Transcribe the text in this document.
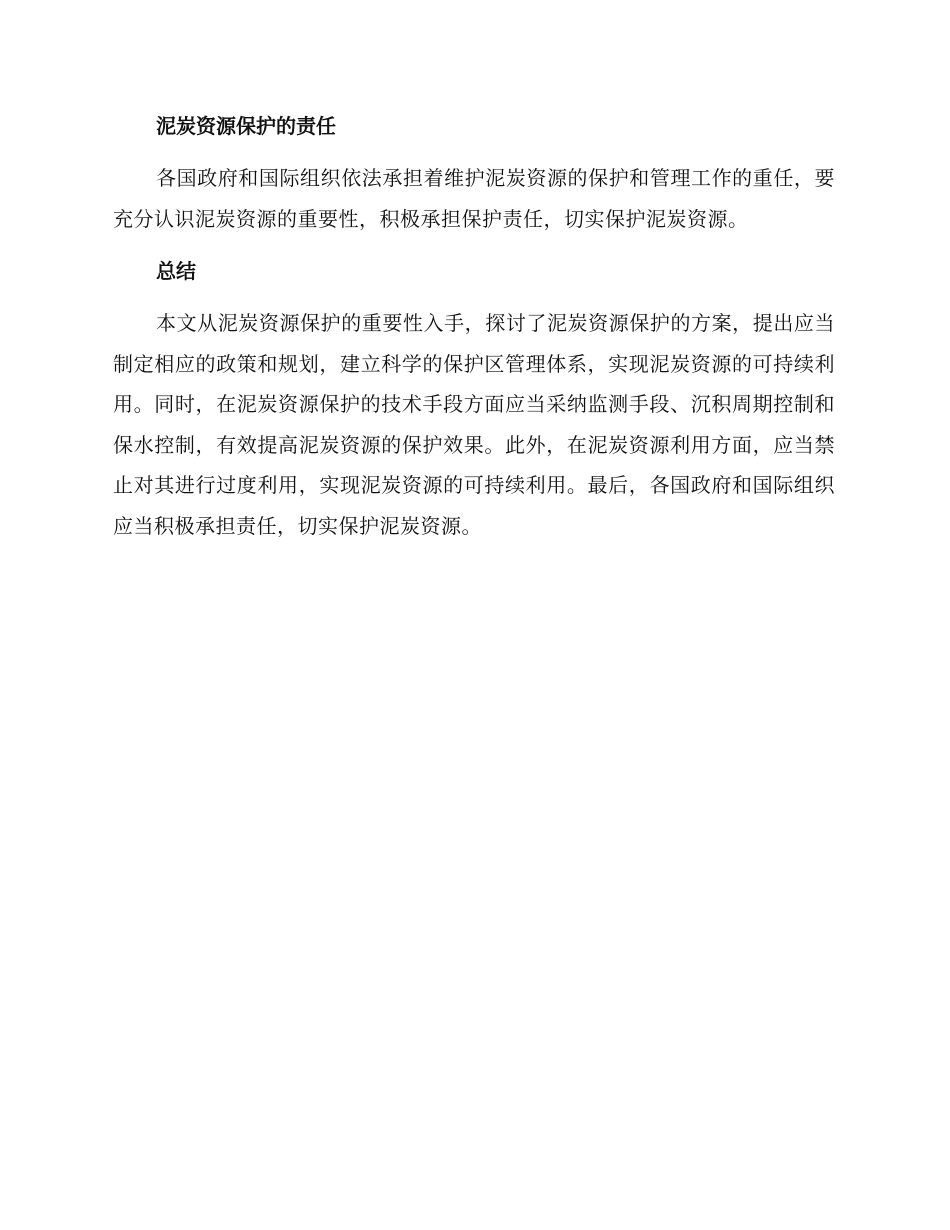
泥炭资源保护的责任

各国政府和国际组织依法承担着维护泥炭资源的保护和管理工作的重任，要充分认识泥炭资源的重要性，积极承担保护责任，切实保护泥炭资源。

总结

本文从泥炭资源保护的重要性入手，探讨了泥炭资源保护的方案，提出应当制定相应的政策和规划，建立科学的保护区管理体系，实现泥炭资源的可持续利用。同时，在泥炭资源保护的技术手段方面应当采纳监测手段、沉积周期控制和保水控制，有效提高泥炭资源的保护效果。此外，在泥炭资源利用方面，应当禁止对其进行过度利用，实现泥炭资源的可持续利用。最后，各国政府和国际组织应当积极承担责任，切实保护泥炭资源。
